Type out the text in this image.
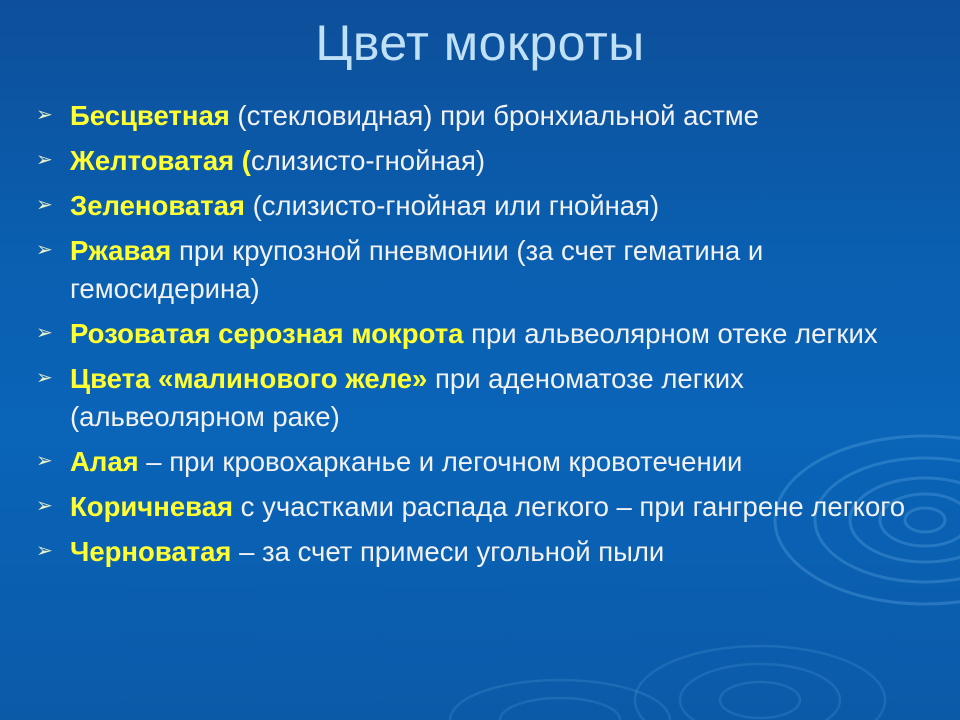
Цвет мокроты
➢ Бесцветная (стекловидная) при бронхиальной астме
➢ Желтоватая (слизисто-гнойная)
➢ Зеленоватая (слизисто-гнойная или гнойная)
➢ Ржавая при крупозной пневмонии (за счет гематина и гемосидерина)
➢ Розоватая серозная мокрота при альвеолярном отеке легких
➢ Цвета «малинового желе» при аденоматозе легких (альвеолярном раке)
➢ Алая – при кровохарканье и легочном кровотечении
➢ Коричневая с участками распада легкого – при гангрене легкого
➢ Черноватая – за счет примеси угольной пыли
